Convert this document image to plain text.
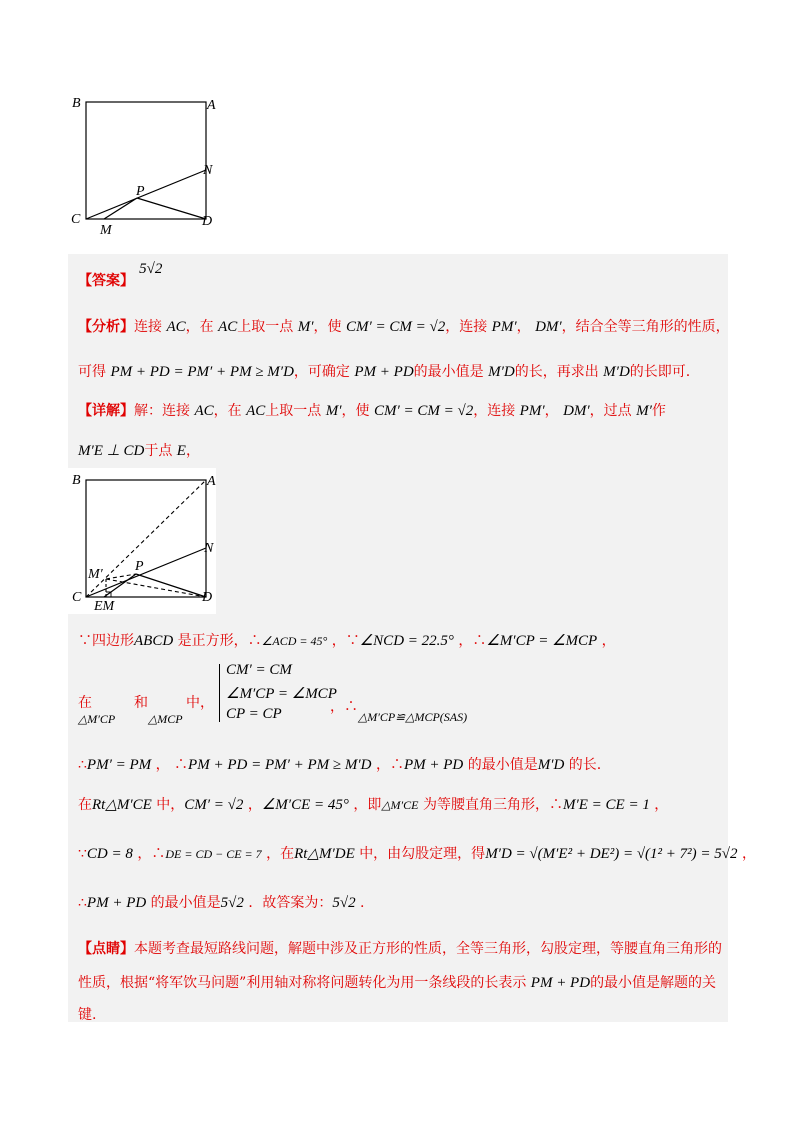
B	A
N
P
C	D
M
【答案】 5√2
【分析】连接 AC，在 AC上取一点 M′，使 CM′ = CM = √2，连接 PM′， DM′，结合全等三角形的性质，
可得 PM + PD = PM′ + PM ≥ M′D，可确定 PM + PD的最小值是 M′D的长，再求出 M′D的长即可.
【详解】解：连接 AC，在 AC上取一点 M′，使 CM′ = CM = √2，连接 PM′， DM′，过点 M′作
M′E ⊥ CD于点 E，
B	A
N
P
M′
C	D
EM
∵四边形ABCD 是正方形，∴∠ACD = 45° ，∵∠NCD = 22.5° ，∴∠M′CP = ∠MCP ，
在
△M′CP
和
△MCP
中，
CM′ = CM
∠M′CP = ∠MCP
CP = CP	，∴
△M′CP≌△MCP(SAS)
∴PM′ = PM ， ∴PM + PD = PM′ + PM ≥ M′D ，∴PM + PD 的最小值是M′D 的长.
在Rt△M′CE 中，CM′ = √2 ，∠M′CE = 45° ，即△M′CE 为等腰直角三角形，∴M′E = CE = 1 ，
∵CD = 8 ，∴DE = CD − CE = 7 ，在Rt△M′DE 中，由勾股定理，得M′D = √(M′E² + DE²) = √(1² + 7²) = 5√2 ，
∴PM + PD 的最小值是5√2 ．故答案为：5√2 .
【点睛】本题考查最短路线问题，解题中涉及正方形的性质，全等三角形，勾股定理，等腰直角三角形的
性质，根据“将军饮马问题”利用轴对称将问题转化为用一条线段的长表示 PM + PD的最小值是解题的关
键.
